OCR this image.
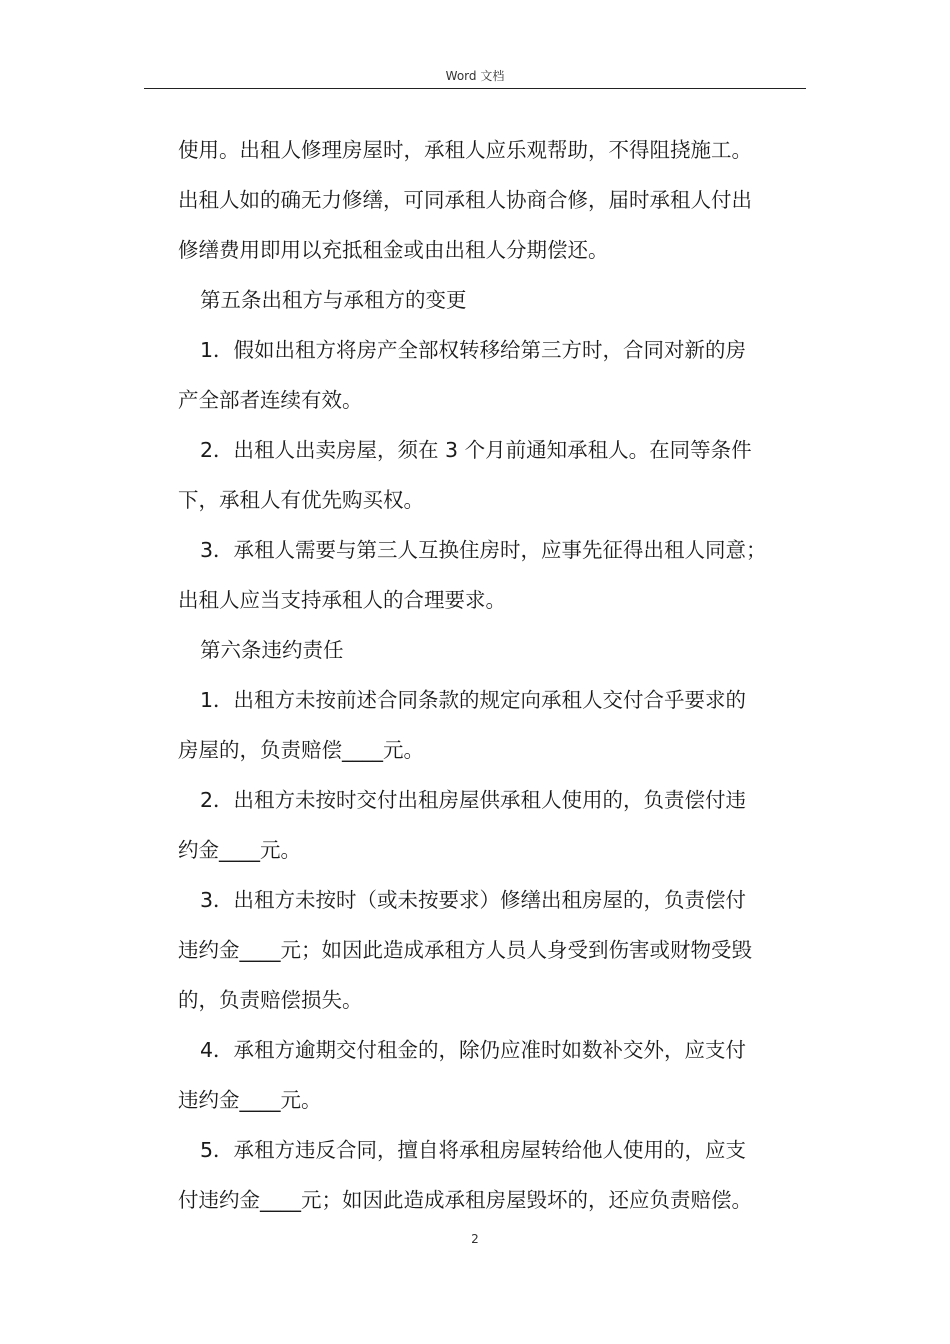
Word 文档
使用。出租人修理房屋时，承租人应乐观帮助，不得阻挠施工。
出租人如的确无力修缮，可同承租人协商合修，届时承租人付出
修缮费用即用以充抵租金或由出租人分期偿还。
第五条出租方与承租方的变更
1．假如出租方将房产全部权转移给第三方时，合同对新的房
产全部者连续有效。
2．出租人出卖房屋，须在 3 个月前通知承租人。在同等条件
下，承租人有优先购买权。
3．承租人需要与第三人互换住房时，应事先征得出租人同意；
出租人应当支持承租人的合理要求。
第六条违约责任
1．出租方未按前述合同条款的规定向承租人交付合乎要求的
房屋的，负责赔偿____元。
2．出租方未按时交付出租房屋供承租人使用的，负责偿付违
约金____元。
3．出租方未按时（或未按要求）修缮出租房屋的，负责偿付
违约金____元；如因此造成承租方人员人身受到伤害或财物受毁
的，负责赔偿损失。
4．承租方逾期交付租金的，除仍应准时如数补交外，应支付
违约金____元。
5．承租方违反合同，擅自将承租房屋转给他人使用的，应支
付违约金____元；如因此造成承租房屋毁坏的，还应负责赔偿。
2
